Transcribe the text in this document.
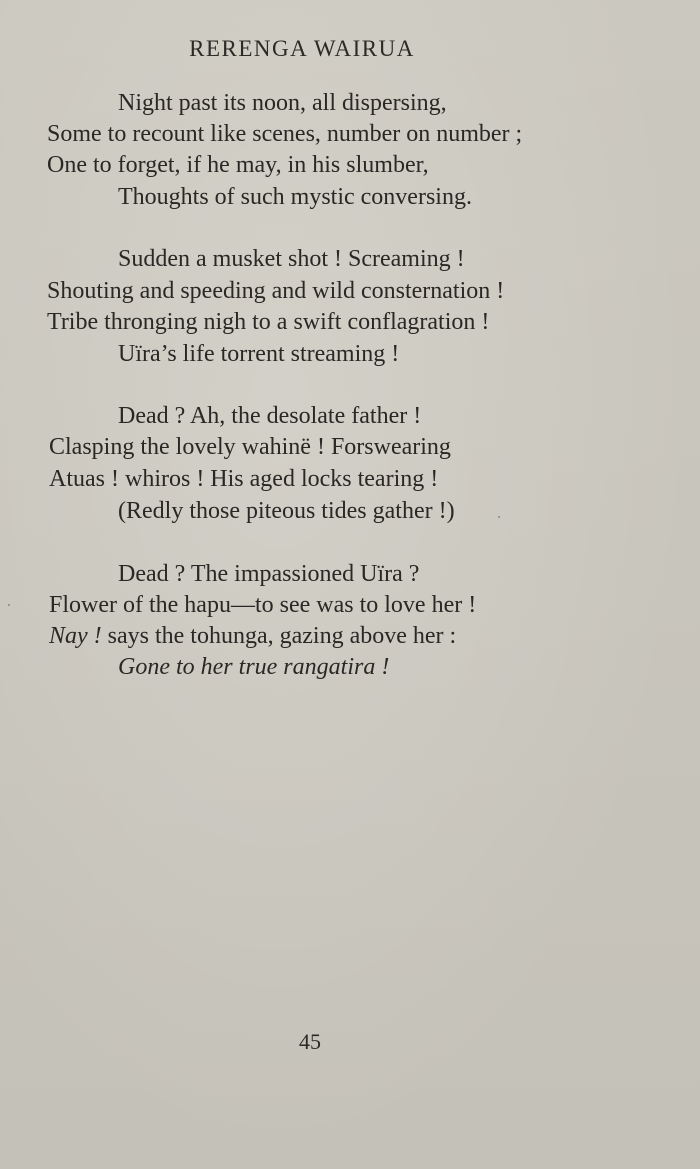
RERENGA WAIRUA
Night past its noon, all dispersing,
Some to recount like scenes, number on number ;
One to forget, if he may, in his slumber,
Thoughts of such mystic conversing.
Sudden a musket shot ! Screaming !
Shouting and speeding and wild consternation !
Tribe thronging nigh to a swift conflagration !
Uïra’s life torrent streaming !
Dead ? Ah, the desolate father !
Clasping the lovely wahinë ! Forswearing
Atuas ! whiros ! His aged locks tearing !
(Redly those piteous tides gather !)
Dead ? The impassioned Uïra ?
Flower of the hapu—to see was to love her !
Nay ! says the tohunga, gazing above her :
Gone to her true rangatira !
45
